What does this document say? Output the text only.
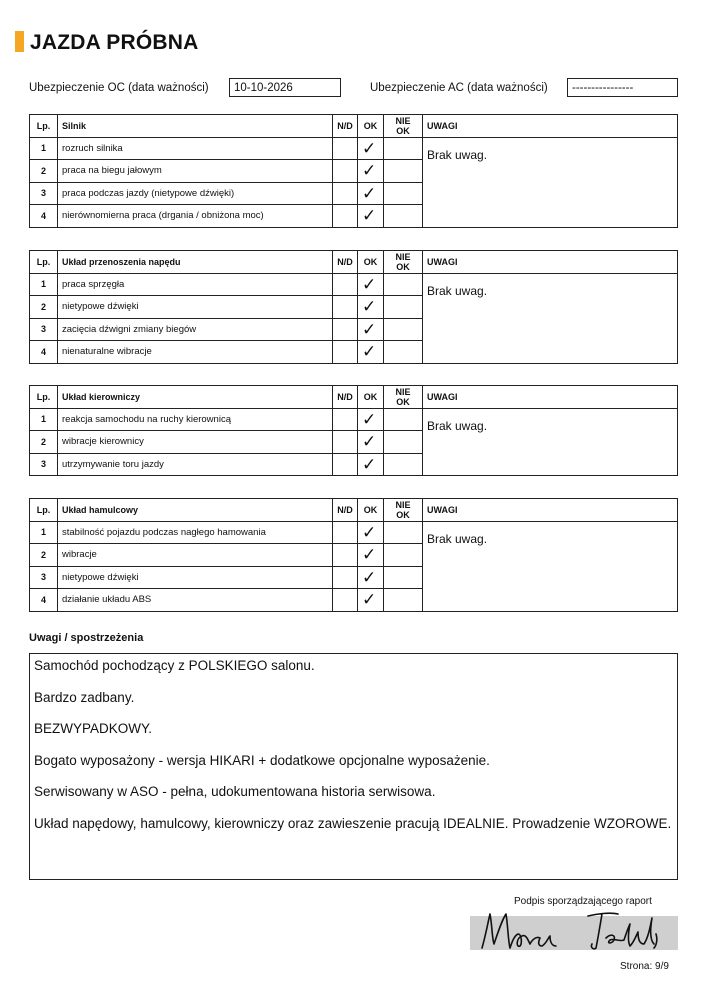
JAZDA PRÓBNA
Ubezpieczenie OC (data ważności)	10-10-2026	Ubezpieczenie AC (data ważności)	----------------
Lp.	Silnik	N/D	OK	NIE OK	UWAGI
1	rozruch silnika		✓		Brak uwag.
2	praca na biegu jałowym		✓		
3	praca podczas jazdy (nietypowe dźwięki)		✓		
4	nierównomierna praca (drgania / obniżona moc)		✓		
Lp.	Układ przenoszenia napędu	N/D	OK	NIE OK	UWAGI
1	praca sprzęgła		✓		Brak uwag.
2	nietypowe dźwięki		✓		
3	zacięcia dźwigni zmiany biegów		✓		
4	nienaturalne wibracje		✓		
Lp.	Układ kierowniczy	N/D	OK	NIE OK	UWAGI
1	reakcja samochodu na ruchy kierownicą		✓		Brak uwag.
2	wibracje kierownicy		✓		
3	utrzymywanie toru jazdy		✓		
Lp.	Układ hamulcowy	N/D	OK	NIE OK	UWAGI
1	stabilność pojazdu podczas nagłego hamowania		✓		Brak uwag.
2	wibracje		✓		
3	nietypowe dźwięki		✓		
4	działanie układu ABS		✓		
Uwagi / spostrzeżenia

Samochód pochodzący z POLSKIEGO salonu.

Bardzo zadbany.

BEZWYPADKOWY.

Bogato wyposażony - wersja HIKARI + dodatkowe opcjonalne wyposażenie.

Serwisowany w ASO - pełna, udokumentowana historia serwisowa.

Układ napędowy, hamulcowy, kierowniczy oraz zawieszenie pracują IDEALNIE. Prowadzenie WZOROWE.

Podpis sporządzającego raport
Strona: 9/9
